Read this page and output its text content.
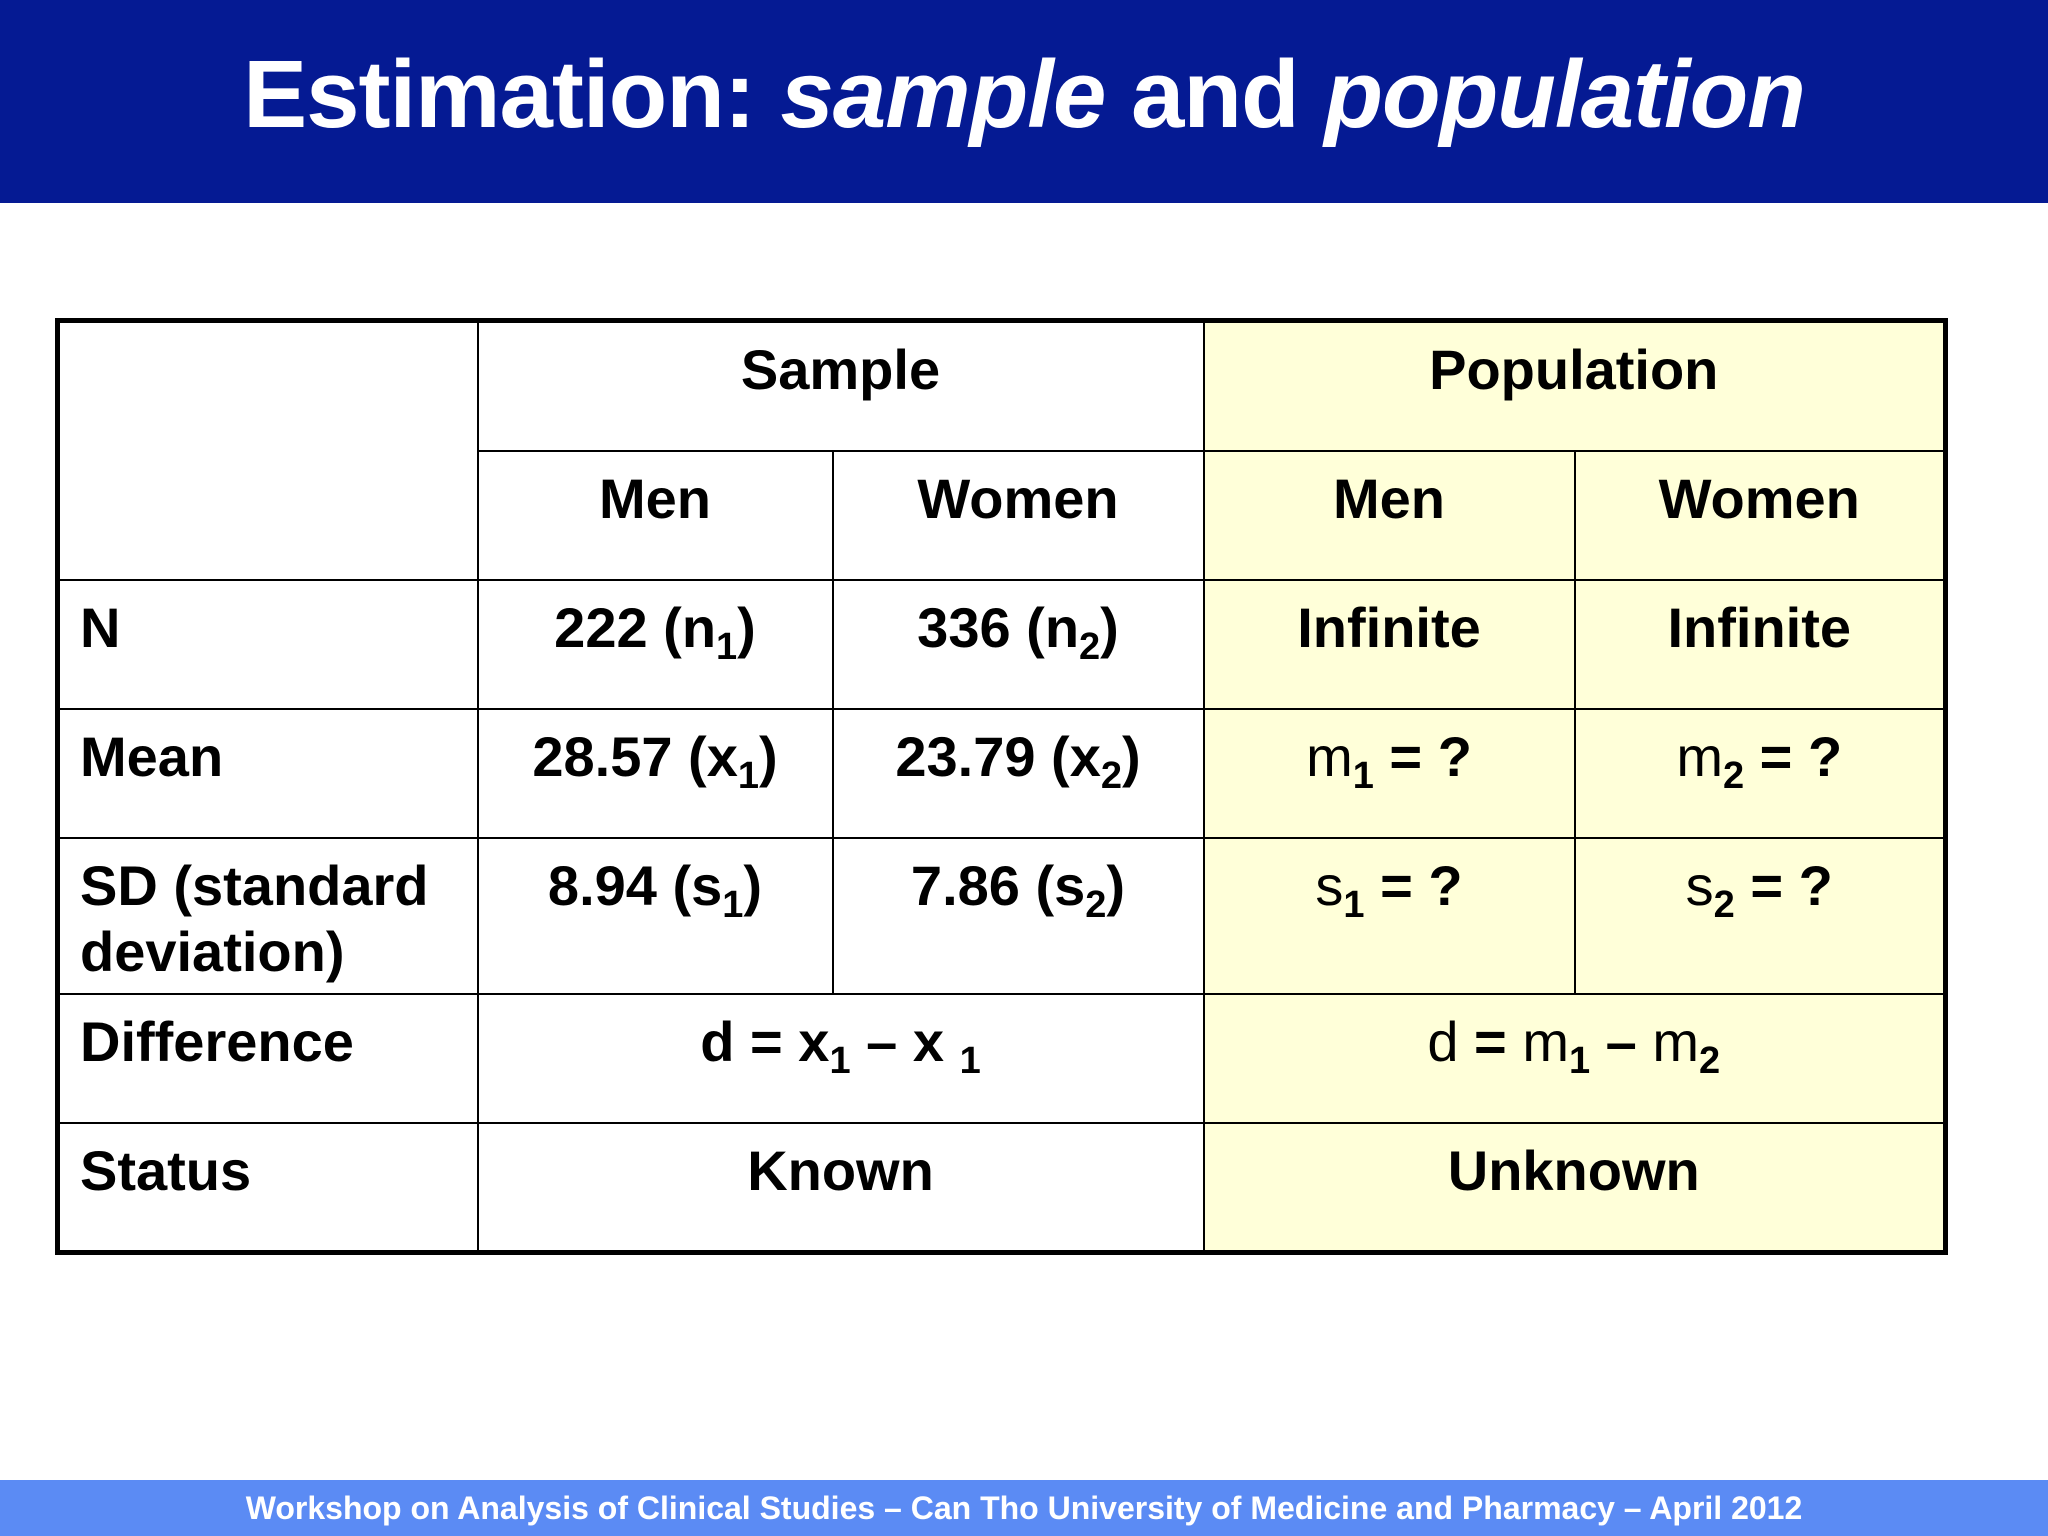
Estimation: sample and population
	Sample		Population	
	Men	Women	Men	Women
N	222 $(n_1)$	336 $(n_2)$	Infinite	Infinite
Mean	28.57 $(x_1)$	23.79 $(x_2)$	$m_1$ = ?	$m_2$ = ?
SD (standard deviation)	8.94 $(s_1)$	7.86 $(s_2)$	$s_1$ = ?	$s_2$ = ?
Difference	$d = x_1 - x$ $_1$		$d = m_1 - m_2$
Status	Known		Unknown	
Workshop on Analysis of Clinical Studies – Can Tho University of Medicine and Pharmacy – April 2012
